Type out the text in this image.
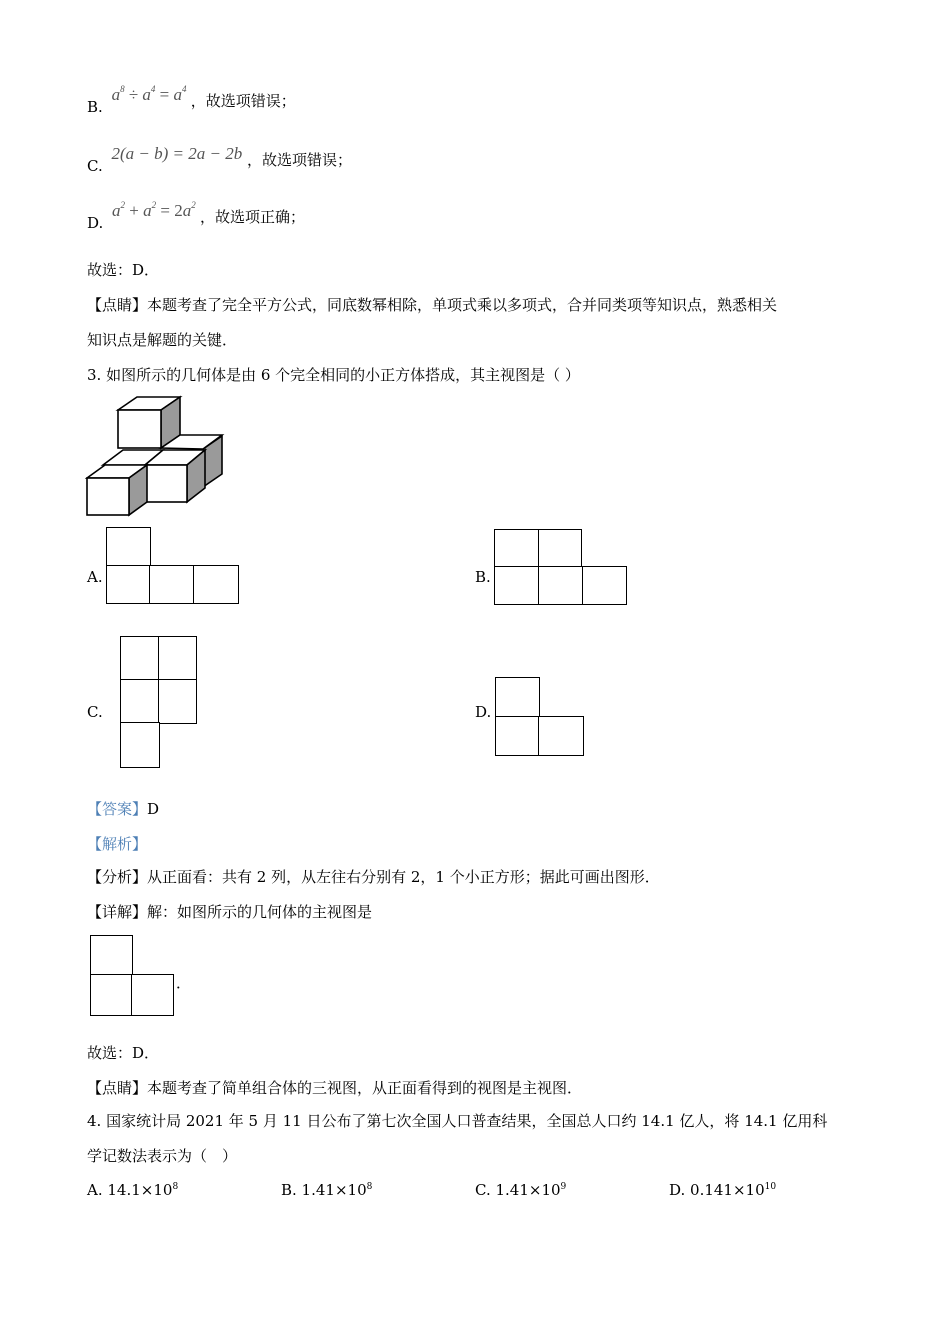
B. $a^8 \div a^4 = a^4$ ，故选项错误；
C. 2(a − b) = 2a − 2b ，故选项错误；
D. $a^2 + a^2 = 2a^2$ ，故选项正确；
故选：D．
【点睛】本题考查了完全平方公式，同底数幂相除，单项式乘以多项式，合并同类项等知识点，熟悉相关
知识点是解题的关键．
3. 如图所示的几何体是由 6 个完全相同的小正方体搭成，其主视图是（ ）
A.	B.
C.	D.
【答案】D
【解析】
【分析】从正面看：共有 2 列，从左往右分别有 2，1 个小正方形；据此可画出图形．
【详解】解：如图所示的几何体的主视图是
．
故选：D．
【点睛】本题考查了简单组合体的三视图，从正面看得到的视图是主视图．
4. 国家统计局 2021 年 5 月 11 日公布了第七次全国人口普查结果，全国总人口约 14.1 亿人，将 14.1 亿用科
学记数法表示为（　）
A. $14.1\times 10^8$	B. $1.41\times 10^8$	C. $1.41\times 10^9$	D. $0.141\times 10^{10}$
